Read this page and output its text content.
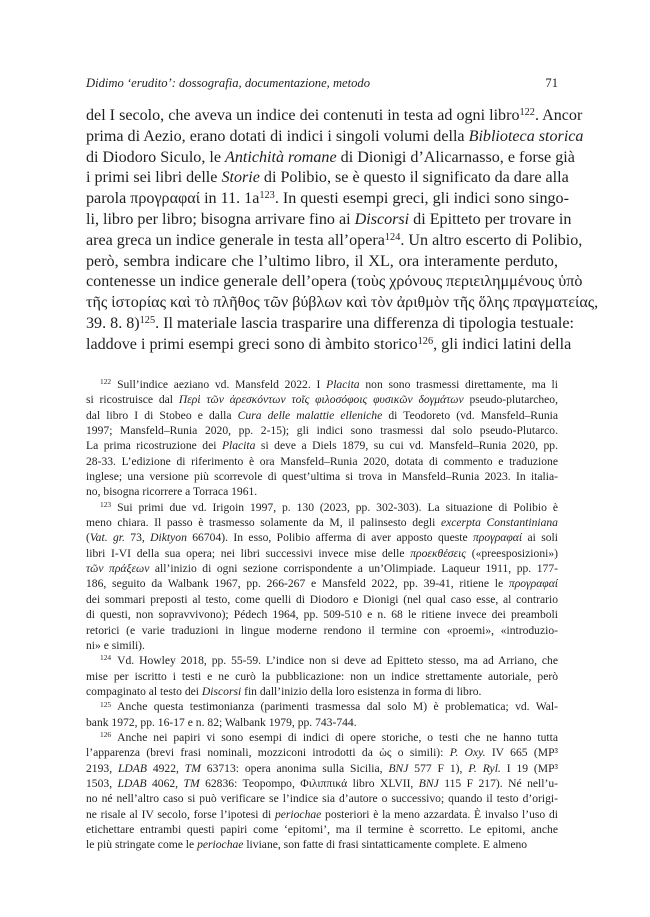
Didimo ‘erudito’: dossografia, documentazione, metodo	71
del I secolo, che aveva un indice dei contenuti in testa ad ogni libro$^{122}$. Ancor
prima di Aezio, erano dotati di indici i singoli volumi della Biblioteca storica
di Diodoro Siculo, le Antichità romane di Dionigi d’Alicarnasso, e forse già
i primi sei libri delle Storie di Polibio, se è questo il significato da dare alla
parola προγραφαί in 11. $1a^{123}$. In questi esempi greci, gli indici sono singo-
li, libro per libro; bisogna arrivare fino ai Discorsi di Epitteto per trovare in
area greca un indice generale in testa all’opera$^{124}$. Un altro escerto di Polibio,
però, sembra indicare che l’ultimo libro, il XL, ora interamente perduto,
contenesse un indice generale dell’opera (τοὺς χρόνους περιειλημμένους ὑπὸ
τῆς ἱστορίας καὶ τὸ πλῆθος τῶν βύβλων καὶ τὸν ἀριθμὸν τῆς ὅλης πραγματείας,
39. 8. 8)$^{125}$. Il materiale lascia trasparire una differenza di tipologia testuale:
laddove i primi esempi greci sono di àmbito storico$^{126}$, gli indici latini della
$^{122}$ Sull’indice aeziano vd. Mansfeld 2022. I Placita non sono trasmessi direttamente, ma li
si ricostruisce dal Περὶ τῶν ἀρεσκόντων τοῖς φιλοσόφοις φυσικῶν δογμάτων pseudo-plutarcheo,
dal libro I di Stobeo e dalla Cura delle malattie elleniche di Teodoreto (vd. Mansfeld–Runia
1997; Mansfeld–Runia 2020, pp. 2-15); gli indici sono trasmessi dal solo pseudo-Plutarco.
La prima ricostruzione dei Placita si deve a Diels 1879, su cui vd. Mansfeld–Runia 2020, pp.
28-33. L’edizione di riferimento è ora Mansfeld–Runia 2020, dotata di commento e traduzione
inglese; una versione più scorrevole di quest’ultima si trova in Mansfeld–Runia 2023. In italia-
no, bisogna ricorrere a Torraca 1961.
$^{123}$ Sui primi due vd. Irigoin 1997, p. 130 (2023, pp. 302-303). La situazione di Polibio è
meno chiara. Il passo è trasmesso solamente da M, il palinsesto degli excerpta Constantiniana
(Vat. gr. 73, Diktyon 66704). In esso, Polibio afferma di aver apposto queste προγραφαί ai soli
libri I-VI della sua opera; nei libri successivi invece mise delle προεκθέσεις («preesposizioni»)
τῶν πράξεων all’inizio di ogni sezione corrispondente a un’Olimpiade. Laqueur 1911, pp. 177-
186, seguito da Walbank 1967, pp. 266-267 e Mansfeld 2022, pp. 39-41, ritiene le προγραφαί
dei sommari preposti al testo, come quelli di Diodoro e Dionigi (nel qual caso esse, al contrario
di questi, non sopravvivono); Pédech 1964, pp. 509-510 e n. 68 le ritiene invece dei preamboli
retorici (e varie traduzioni in lingue moderne rendono il termine con «proemi», «introduzio-
ni» e simili).
$^{124}$ Vd. Howley 2018, pp. 55-59. L’indice non si deve ad Epitteto stesso, ma ad Arriano, che
mise per iscritto i testi e ne curò la pubblicazione: non un indice strettamente autoriale, però
compaginato al testo dei Discorsi fin dall’inizio della loro esistenza in forma di libro.
$^{125}$ Anche questa testimonianza (parimenti trasmessa dal solo M) è problematica; vd. Wal-
bank 1972, pp. 16-17 e n. 82; Walbank 1979, pp. 743-744.
$^{126}$ Anche nei papiri vi sono esempi di indici di opere storiche, o testi che ne hanno tutta
l’apparenza (brevi frasi nominali, mozziconi introdotti da ὡς o simili): P. Oxy. IV 665 (MP³
2193, LDAB 4922, TM 63713: opera anonima sulla Sicilia, BNJ 577 F 1), P. Ryl. I 19 (MP³
1503, LDAB 4062, TM 62836: Teopompo, Φιλιππικά libro XLVII, BNJ 115 F 217). Né nell’u-
no né nell’altro caso si può verificare se l’indice sia d’autore o successivo; quando il testo d’origi-
ne risale al IV secolo, forse l’ipotesi di periochae posteriori è la meno azzardata. È invalso l’uso di
etichettare entrambi questi papiri come ‘epitomi’, ma il termine è scorretto. Le epitomi, anche
le più stringate come le periochae liviane, son fatte di frasi sintatticamente complete. E almeno
